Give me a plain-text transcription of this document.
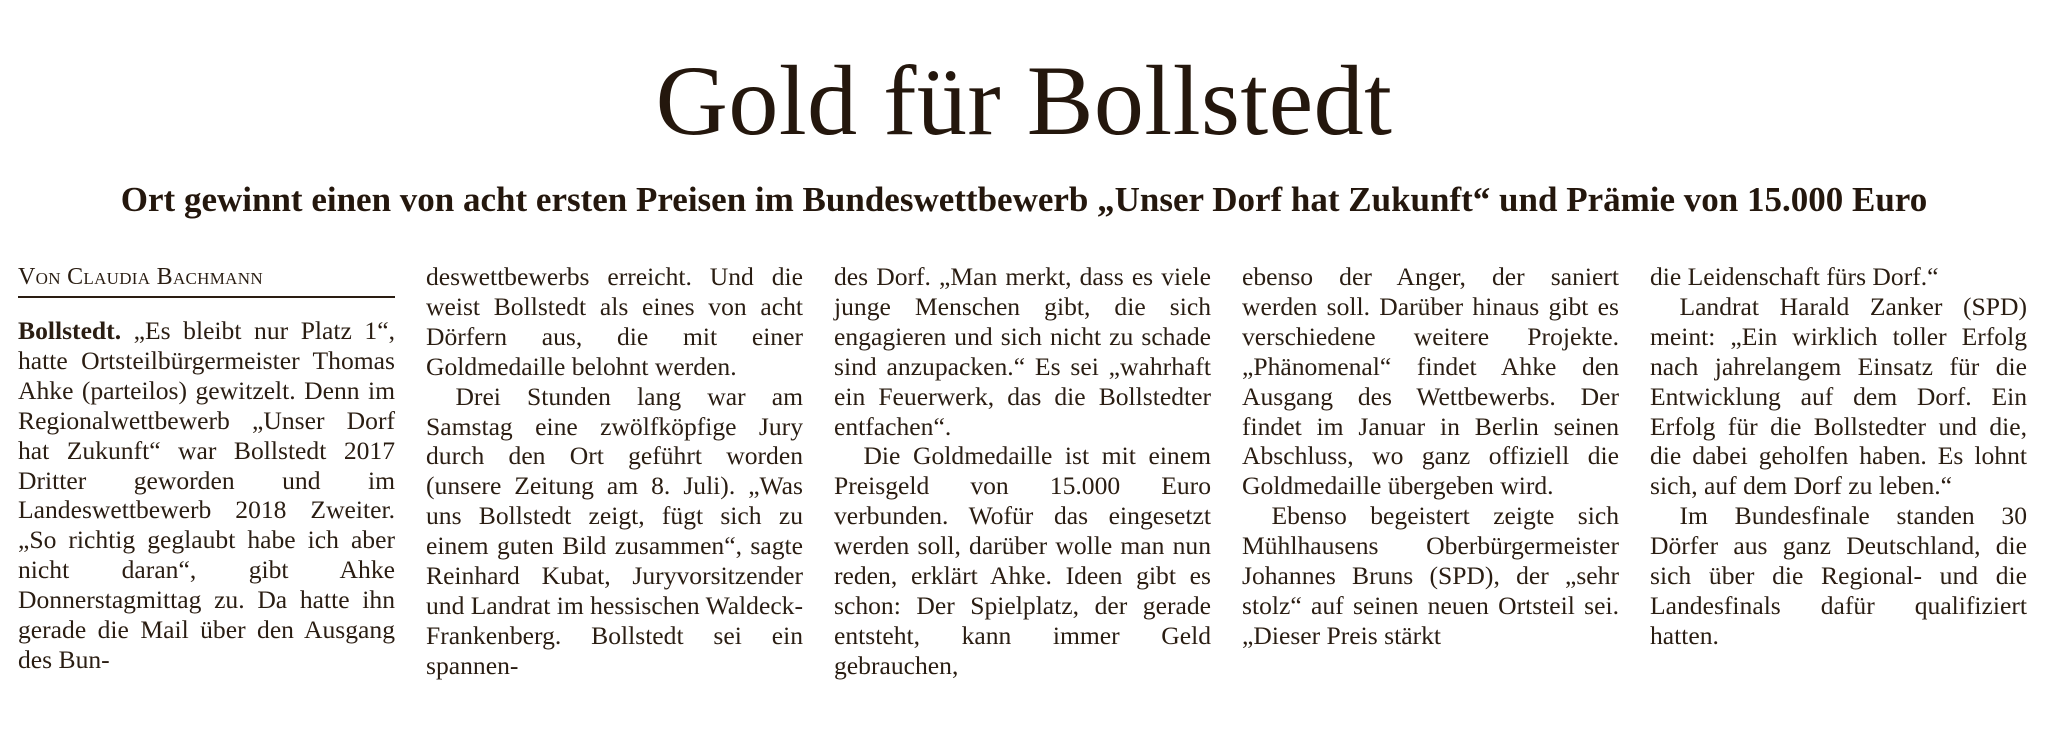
Gold für Bollstedt
Ort gewinnt einen von acht ersten Preisen im Bundeswettbewerb „Unser Dorf hat Zukunft“ und Prämie von 15.000 Euro

Von Claudia Bachmann

Bollstedt. „Es bleibt nur Platz 1“, hatte Ortsteilbürgermeister Thomas Ahke (parteilos) gewitzelt. Denn im Regionalwettbewerb „Unser Dorf hat Zukunft“ war Bollstedt 2017 Dritter geworden und im Landeswettbewerb 2018 Zweiter. „So richtig geglaubt habe ich aber nicht daran“, gibt Ahke Donnerstagmittag zu. Da hatte ihn gerade die Mail über den Ausgang des Bun-

deswettbewerbs erreicht. Und die weist Bollstedt als eines von acht Dörfern aus, die mit einer Goldmedaille belohnt werden.

Drei Stunden lang war am Samstag eine zwölfköpfige Jury durch den Ort geführt worden (unsere Zeitung am 8. Juli). „Was uns Bollstedt zeigt, fügt sich zu einem guten Bild zusammen“, sagte Reinhard Kubat, Juryvorsitzender und Landrat im hessischen Waldeck-Frankenberg. Bollstedt sei ein spannen-

des Dorf. „Man merkt, dass es viele junge Menschen gibt, die sich engagieren und sich nicht zu schade sind anzupacken.“ Es sei „wahrhaft ein Feuerwerk, das die Bollstedter entfachen“.

Die Goldmedaille ist mit einem Preisgeld von 15.000 Euro verbunden. Wofür das eingesetzt werden soll, darüber wolle man nun reden, erklärt Ahke. Ideen gibt es schon: Der Spielplatz, der gerade entsteht, kann immer Geld gebrauchen,

ebenso der Anger, der saniert werden soll. Darüber hinaus gibt es verschiedene weitere Projekte. „Phänomenal“ findet Ahke den Ausgang des Wettbewerbs. Der findet im Januar in Berlin seinen Abschluss, wo ganz offiziell die Goldmedaille übergeben wird.

Ebenso begeistert zeigte sich Mühlhausens Oberbürgermeister Johannes Bruns (SPD), der „sehr stolz“ auf seinen neuen Ortsteil sei. „Dieser Preis stärkt

die Leidenschaft fürs Dorf.“

Landrat Harald Zanker (SPD) meint: „Ein wirklich toller Erfolg nach jahrelangem Einsatz für die Entwicklung auf dem Dorf. Ein Erfolg für die Bollstedter und die, die dabei geholfen haben. Es lohnt sich, auf dem Dorf zu leben.“

Im Bundesfinale standen 30 Dörfer aus ganz Deutschland, die sich über die Regional- und die Landesfinals dafür qualifiziert hatten.
